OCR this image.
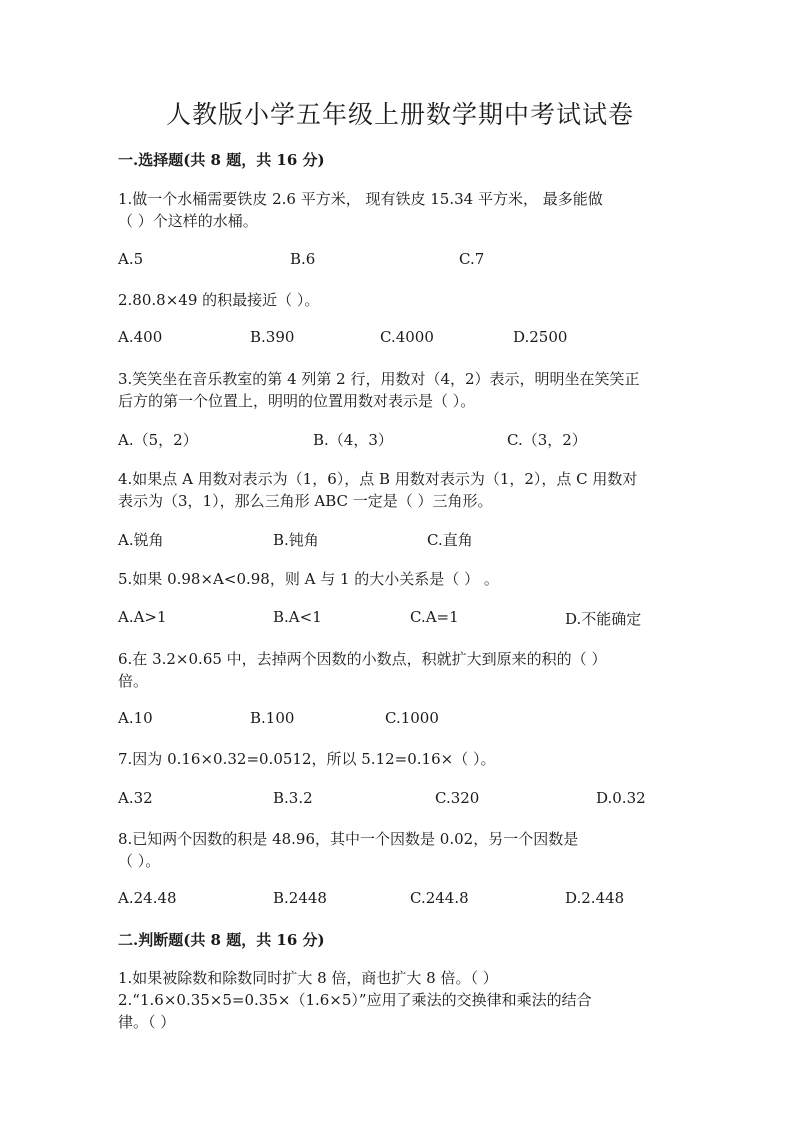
人教版小学五年级上册数学期中考试试卷
一.选择题(共 8 题，共 16 分)
1.做一个水桶需要铁皮 2.6 平方米， 现有铁皮 15.34 平方米， 最多能做
（ ）个这样的水桶。
A.5	B.6	C.7
2.80.8×49 的积最接近（ ）。
A.400	B.390	C.4000	D.2500
3.笑笑坐在音乐教室的第 4 列第 2 行，用数对（4，2）表示，明明坐在笑笑正
后方的第一个位置上，明明的位置用数对表示是（ ）。
A.（5，2）	B.（4，3）	C.（3，2）
4.如果点 A 用数对表示为（1，6），点 B 用数对表示为（1，2），点 C 用数对
表示为（3，1），那么三角形 ABC 一定是（ ）三角形。
A.锐角	B.钝角	C.直角
5.如果 0.98×A<0.98，则 A 与 1 的大小关系是（ ） 。
A.A>1	B.A<1	C.A=1	D.不能确定
6.在 3.2×0.65 中，去掉两个因数的小数点，积就扩大到原来的积的（ ）
倍。
A.10	B.100	C.1000
7.因为 0.16×0.32=0.0512，所以 5.12=0.16×（ ）。
A.32	B.3.2	C.320	D.0.32
8.已知两个因数的积是 48.96，其中一个因数是 0.02，另一个因数是
（ ）。
A.24.48	B.2448	C.244.8	D.2.448
二.判断题(共 8 题，共 16 分)
1.如果被除数和除数同时扩大 8 倍，商也扩大 8 倍。（ ）
2.“1.6×0.35×5=0.35×（1.6×5）”应用了乘法的交换律和乘法的结合
律。（ ）
